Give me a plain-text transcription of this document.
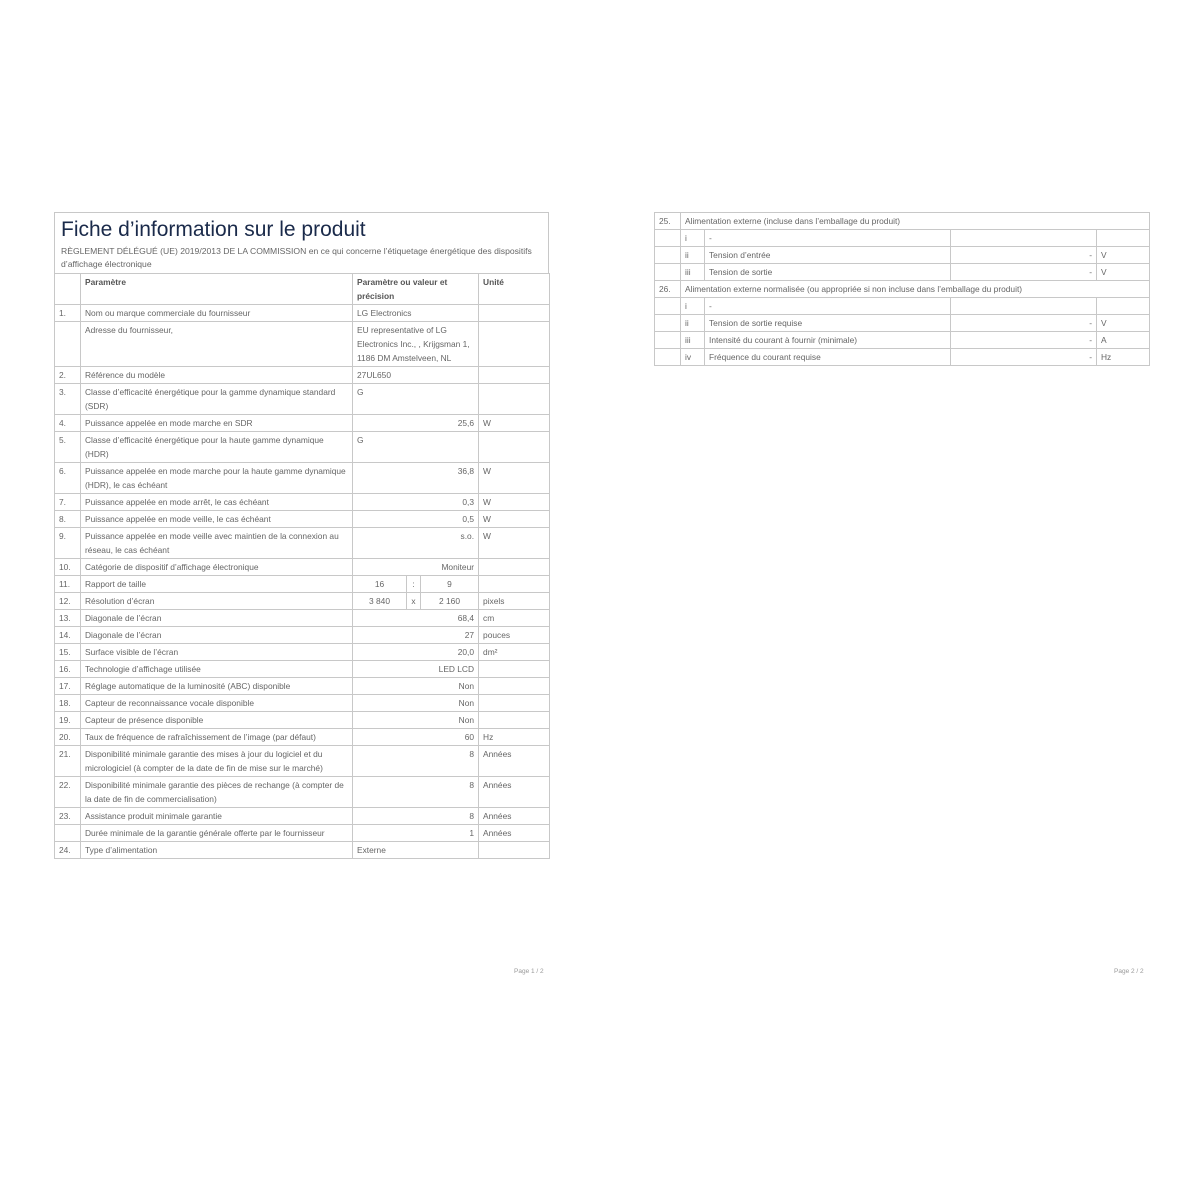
Fiche d’information sur le produit
RÈGLEMENT DÉLÉGUÉ (UE) 2019/2013 DE LA COMMISSION en ce qui concerne l’étiquetage énergétique des dispositifs d’affichage électronique
	Paramètre	Paramètre ou valeur et précision			Unité
1.	Nom ou marque commerciale du fournisseur	LG Electronics			
	Adresse du fournisseur,	EU representative of LG Electronics Inc., , Krijgsman 1, 1186 DM Amstelveen, NL			
2.	Référence du modèle	27UL650			
3.	Classe d’efficacité énergétique pour la gamme dynamique standard (SDR)	G			
4.	Puissance appelée en mode marche en SDR	25,6			W
5.	Classe d’efficacité énergétique pour la haute gamme dynamique (HDR)	G			
6.	Puissance appelée en mode marche pour la haute gamme dynamique (HDR), le cas échéant	36,8			W
7.	Puissance appelée en mode arrêt, le cas échéant	0,3			W
8.	Puissance appelée en mode veille, le cas échéant	0,5			W
9.	Puissance appelée en mode veille avec maintien de la connexion au réseau, le cas échéant	s.o.			W
10.	Catégorie de dispositif d’affichage électronique	Moniteur			
11.	Rapport de taille	16	:	9	
12.	Résolution d’écran	3 840	x	2 160	pixels
13.	Diagonale de l’écran	68,4			cm
14.	Diagonale de l’écran	27			pouces
15.	Surface visible de l’écran	20,0			dm²
16.	Technologie d’affichage utilisée	LED LCD			
17.	Réglage automatique de la luminosité (ABC) disponible	Non			
18.	Capteur de reconnaissance vocale disponible	Non			
19.	Capteur de présence disponible	Non			
20.	Taux de fréquence de rafraîchissement de l’image (par défaut)	60			Hz
21.	Disponibilité minimale garantie des mises à jour du logiciel et du micrologiciel (à compter de la date de fin de mise sur le marché)	8			Années
22.	Disponibilité minimale garantie des pièces de rechange (à compter de la date de fin de commercialisation)	8			Années
23.	Assistance produit minimale garantie	8			Années
	Durée minimale de la garantie générale offerte par le fournisseur	1			Années
24.	Type d’alimentation	Externe			
Page 1 / 2
25.	Alimentation externe (incluse dans l’emballage du produit)			
	i	-		
	ii	Tension d’entrée	-	V
	iii	Tension de sortie	-	V
26.	Alimentation externe normalisée (ou appropriée si non incluse dans l’emballage du produit)			
	i	-		
	ii	Tension de sortie requise	-	V
	iii	Intensité du courant à fournir (minimale)	-	A
	iv	Fréquence du courant requise	-	Hz
Page 2 / 2
